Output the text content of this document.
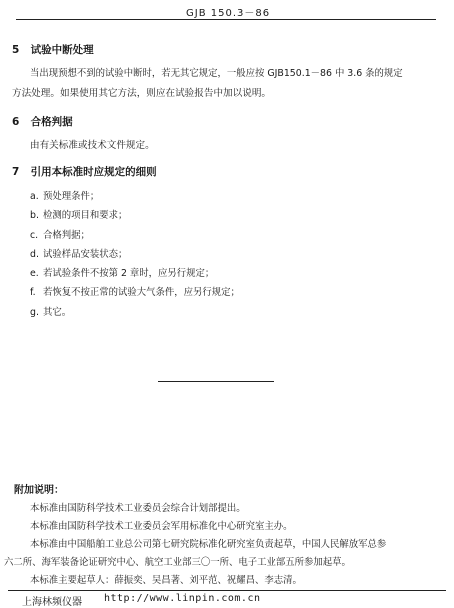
GJB 150.3－86
5 试验中断处理
当出现预想不到的试验中断时，若无其它规定，一般应按 GJB150.1－86 中 3.6 条的规定
方法处理。如果使用其它方法，则应在试验报告中加以说明。
6 合格判据
由有关标准或技术文件规定。
7 引用本标准时应规定的细则
a. 预处理条件；
b. 检测的项目和要求；
c. 合格判据；
d. 试验样品安装状态；
e. 若试验条件不按第 2 章时，应另行规定；
f. 若恢复不按正常的试验大气条件，应另行规定；
g. 其它。
附加说明：
本标准由国防科学技术工业委员会综合计划部提出。
本标准由国防科学技术工业委员会军用标准化中心研究室主办。
本标准由中国船舶工业总公司第七研究院标准化研究室负责起草，中国人民解放军总参
六二所、海军装备论证研究中心、航空工业部三〇一所、电子工业部五所参加起草。
本标准主要起草人：薛振奕、吴昌著、刘平范、祝耀昌、李志清。
上海林频仪器 http://www.linpin.com.cn
